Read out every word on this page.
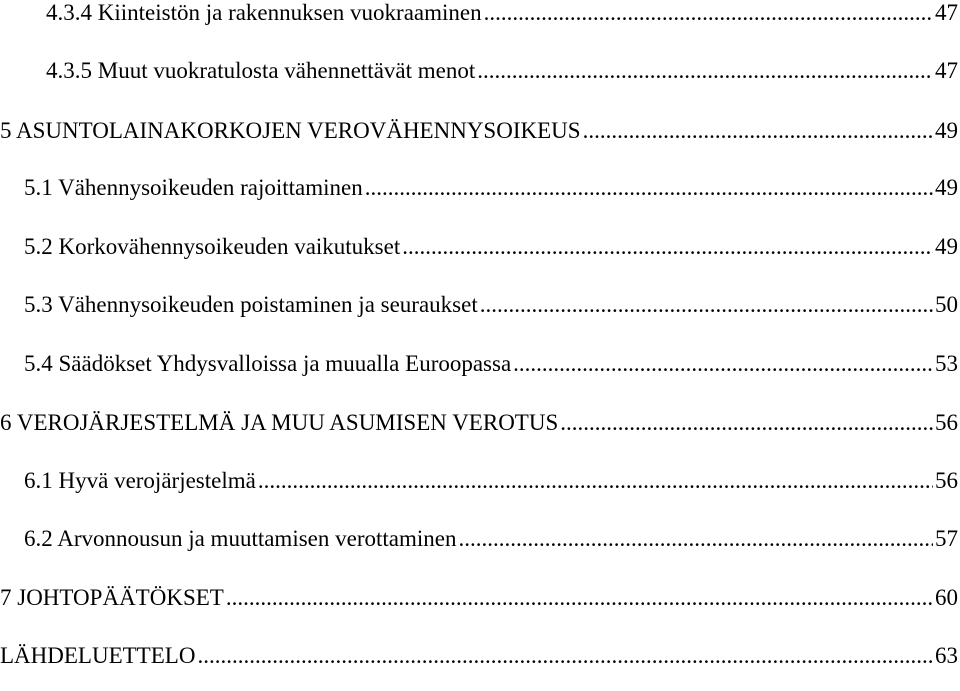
4.3.4 Kiinteistön ja rakennuksen vuokraaminen .....	47
4.3.5 Muut vuokratulosta vähennettävät menot .....	47
5 ASUNTOLAINAKORKOJEN VEROVÄHENNYSOIKEUS .....	49
5.1 Vähennysoikeuden rajoittaminen .....	49
5.2 Korkovähennysoikeuden vaikutukset .....	49
5.3 Vähennysoikeuden poistaminen ja seuraukset .....	50
5.4 Säädökset Yhdysvalloissa ja muualla Euroopassa .....	53
6 VEROJÄRJESTELMÄ JA MUU ASUMISEN VEROTUS .....	56
6.1 Hyvä verojärjestelmä .....	56
6.2 Arvonnousun ja muuttamisen verottaminen .....	57
7 JOHTOPÄÄTÖKSET .....	60
LÄHDELUETTELO .....	63
